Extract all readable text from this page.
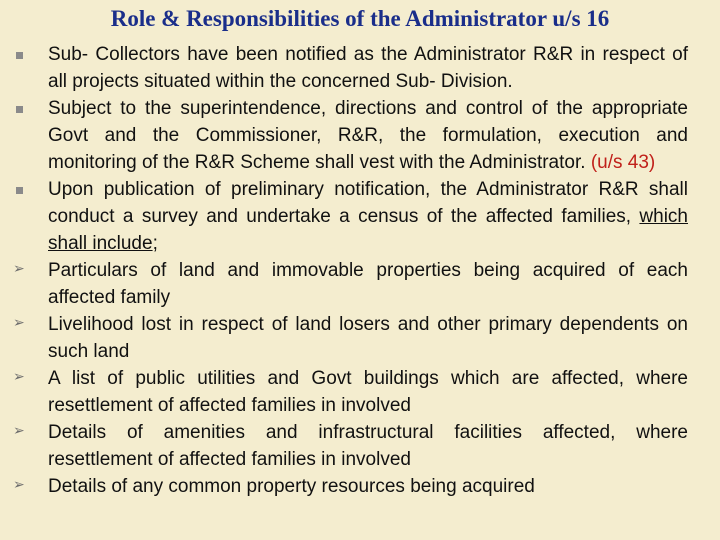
Role & Responsibilities of the Administrator u/s 16
Sub- Collectors have been notified as the Administrator R&R in respect of all projects situated within the concerned Sub- Division.
Subject to the superintendence, directions and control of the appropriate Govt and the Commissioner, R&R, the formulation, execution and monitoring of the R&R Scheme shall vest with the Administrator. (u/s 43)
Upon publication of preliminary notification, the Administrator R&R shall conduct a survey and undertake a census of the affected families, which shall include;
➢ Particulars of land and immovable properties being acquired of each affected family
➢ Livelihood lost in respect of land losers and other primary dependents on such land
➢ A list of public utilities and Govt buildings which are affected, where resettlement of affected families in involved
➢ Details of amenities and infrastructural facilities affected, where resettlement of affected families in involved
➢ Details of any common property resources being acquired
